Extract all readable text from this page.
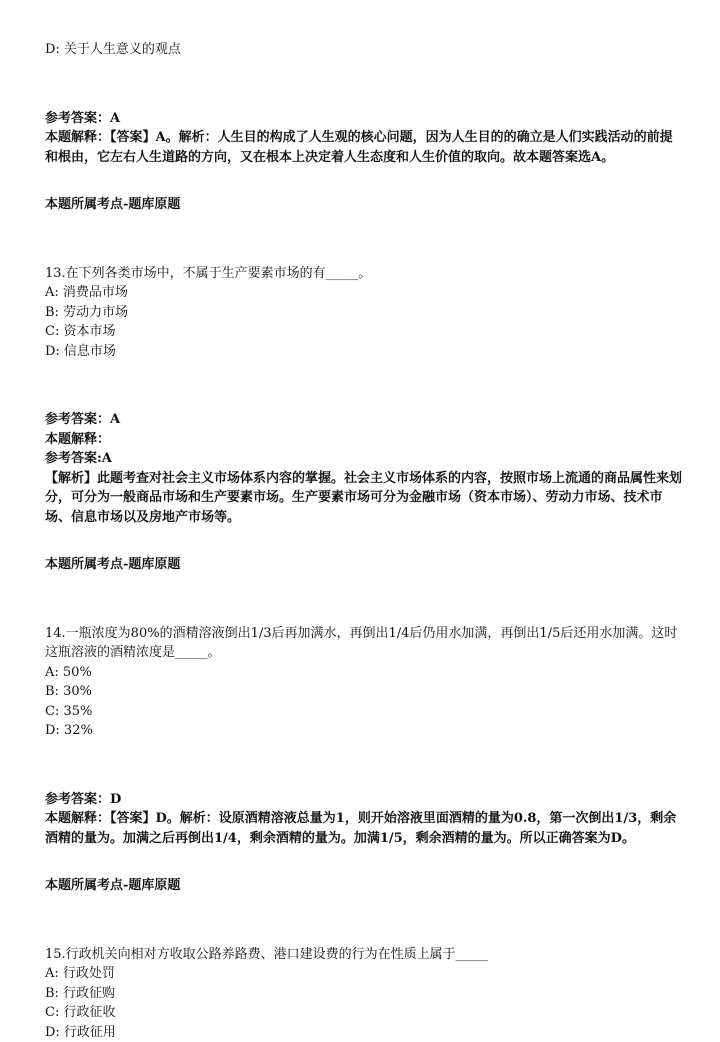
D: 关于人生意义的观点
参考答案：A
本题解释：【答案】A。解析：人生目的构成了人生观的核心问题，因为人生目的的确立是人们实践活动的前提和根由，它左右人生道路的方向，又在根本上决定着人生态度和人生价值的取向。故本题答案选A。
本题所属考点-题库原题
13.在下列各类市场中，不属于生产要素市场的有_____。
A: 消费品市场
B: 劳动力市场
C: 资本市场
D: 信息市场
参考答案：A
本题解释：
参考答案:A
【解析】此题考查对社会主义市场体系内容的掌握。社会主义市场体系的内容，按照市场上流通的商品属性来划分，可分为一般商品市场和生产要素市场。生产要素市场可分为金融市场（资本市场）、劳动力市场、技术市场、信息市场以及房地产市场等。
本题所属考点-题库原题
14.一瓶浓度为80%的酒精溶液倒出1/3后再加满水，再倒出1/4后仍用水加满，再倒出1/5后还用水加满。这时这瓶溶液的酒精浓度是_____。
A: 50%
B: 30%
C: 35%
D: 32%
参考答案：D
本题解释：【答案】D。解析：设原酒精溶液总量为1，则开始溶液里面酒精的量为0.8，第一次倒出1/3，剩余酒精的量为。加满之后再倒出1/4，剩余酒精的量为。加满1/5，剩余酒精的量为。所以正确答案为D。
本题所属考点-题库原题
15.行政机关向相对方收取公路养路费、港口建设费的行为在性质上属于_____
A: 行政处罚
B: 行政征购
C: 行政征收
D: 行政征用
